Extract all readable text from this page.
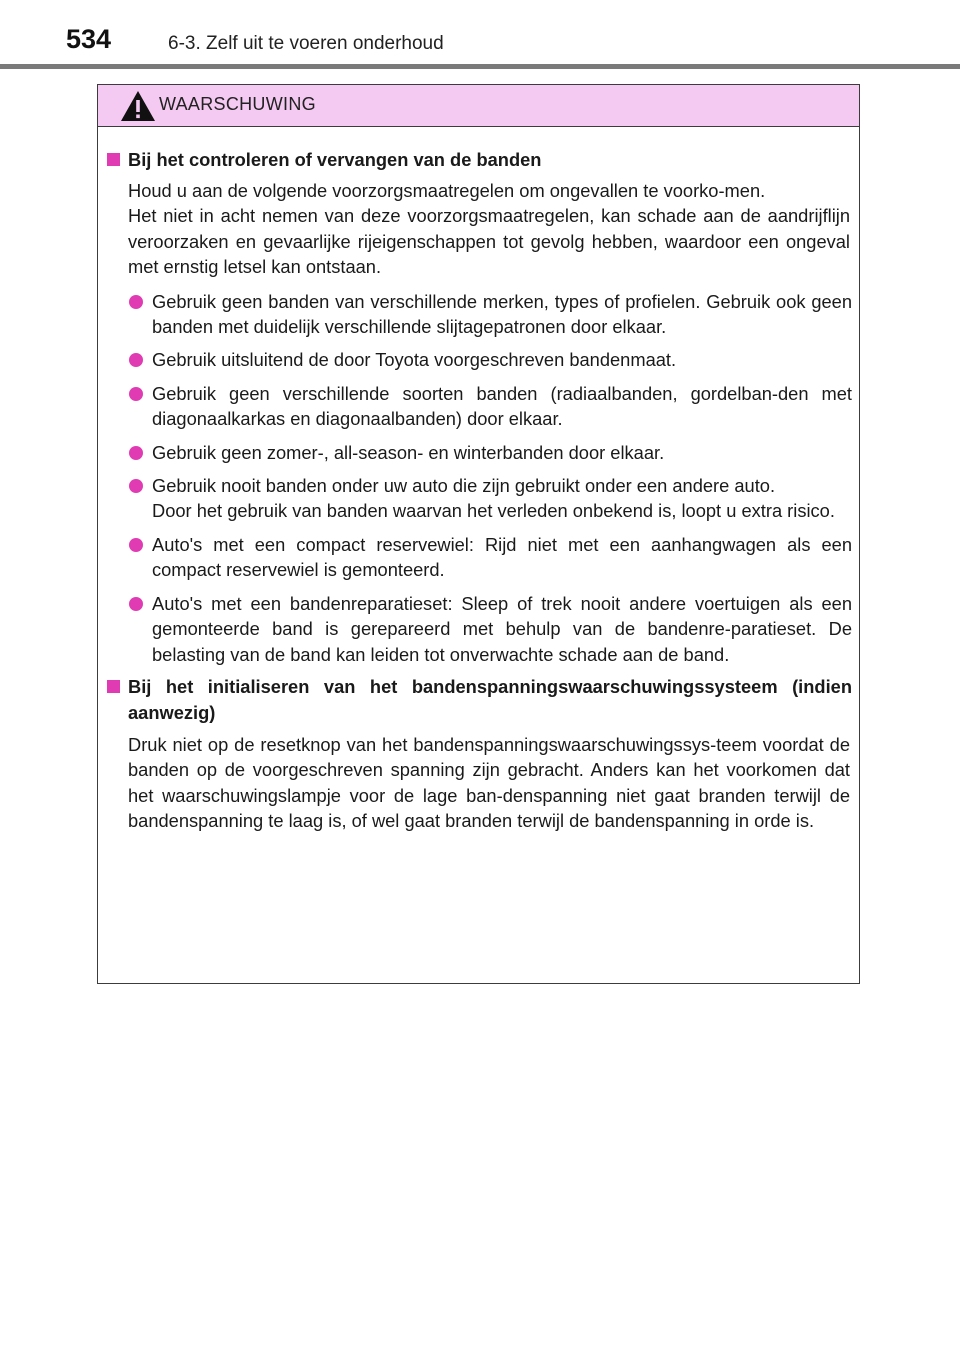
534	6-3. Zelf uit te voeren onderhoud
WAARSCHUWING
Bij het controleren of vervangen van de banden

Houd u aan de volgende voorzorgsmaatregelen om ongevallen te voorko-men.

Het niet in acht nemen van deze voorzorgsmaatregelen, kan schade aan de aandrijflijn veroorzaken en gevaarlijke rijeigenschappen tot gevolg hebben, waardoor een ongeval met ernstig letsel kan ontstaan.

Gebruik geen banden van verschillende merken, types of profielen. Gebruik ook geen banden met duidelijk verschillende slijtagepatronen door elkaar.
Gebruik uitsluitend de door Toyota voorgeschreven bandenmaat.
Gebruik geen verschillende soorten banden (radiaalbanden, gordelban-den met diagonaalkarkas en diagonaalbanden) door elkaar.
Gebruik geen zomer-, all-season- en winterbanden door elkaar.
Gebruik nooit banden onder uw auto die zijn gebruikt onder een andere auto.
Door het gebruik van banden waarvan het verleden onbekend is, loopt u extra risico.
Auto's met een compact reservewiel: Rijd niet met een aanhangwagen als een compact reservewiel is gemonteerd.
Auto's met een bandenreparatieset: Sleep of trek nooit andere voertuigen als een gemonteerde band is gerepareerd met behulp van de bandenre-paratieset. De belasting van de band kan leiden tot onverwachte schade aan de band.
Bij het initialiseren van het bandenspanningswaarschuwingssysteem (indien aanwezig)

Druk niet op de resetknop van het bandenspanningswaarschuwingssys-teem voordat de banden op de voorgeschreven spanning zijn gebracht. Anders kan het voorkomen dat het waarschuwingslampje voor de lage ban-denspanning niet gaat branden terwijl de bandenspanning te laag is, of wel gaat branden terwijl de bandenspanning in orde is.
